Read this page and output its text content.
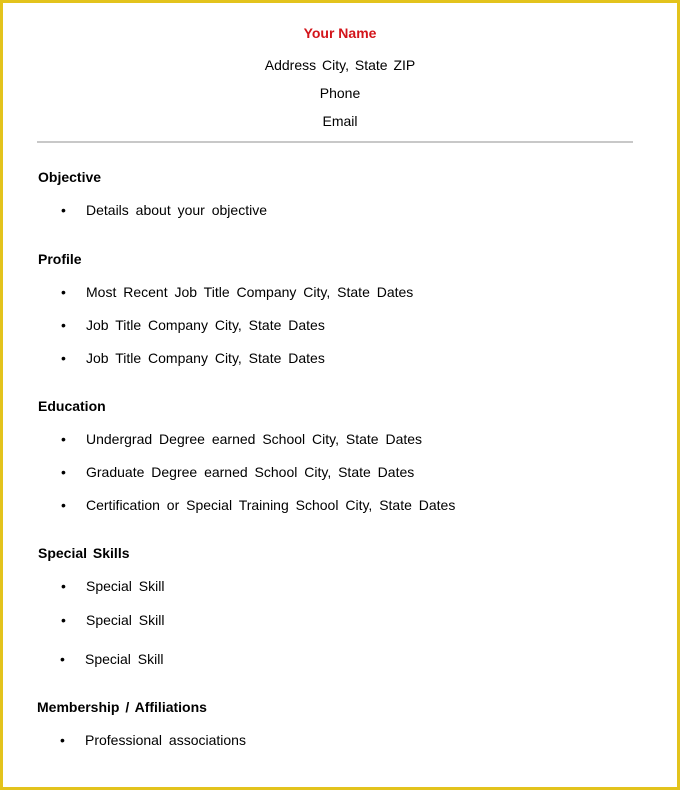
Your Name
Address City, State ZIP
Phone
Email
Objective
• Details about your objective
Profile
• Most Recent Job Title Company City, State Dates
• Job Title Company City, State Dates
• Job Title Company City, State Dates
Education
• Undergrad Degree earned School City, State Dates
• Graduate Degree earned School City, State Dates
• Certification or Special Training School City, State Dates
Special Skills
• Special Skill
• Special Skill
• Special Skill
Membership / Affiliations
• Professional associations
